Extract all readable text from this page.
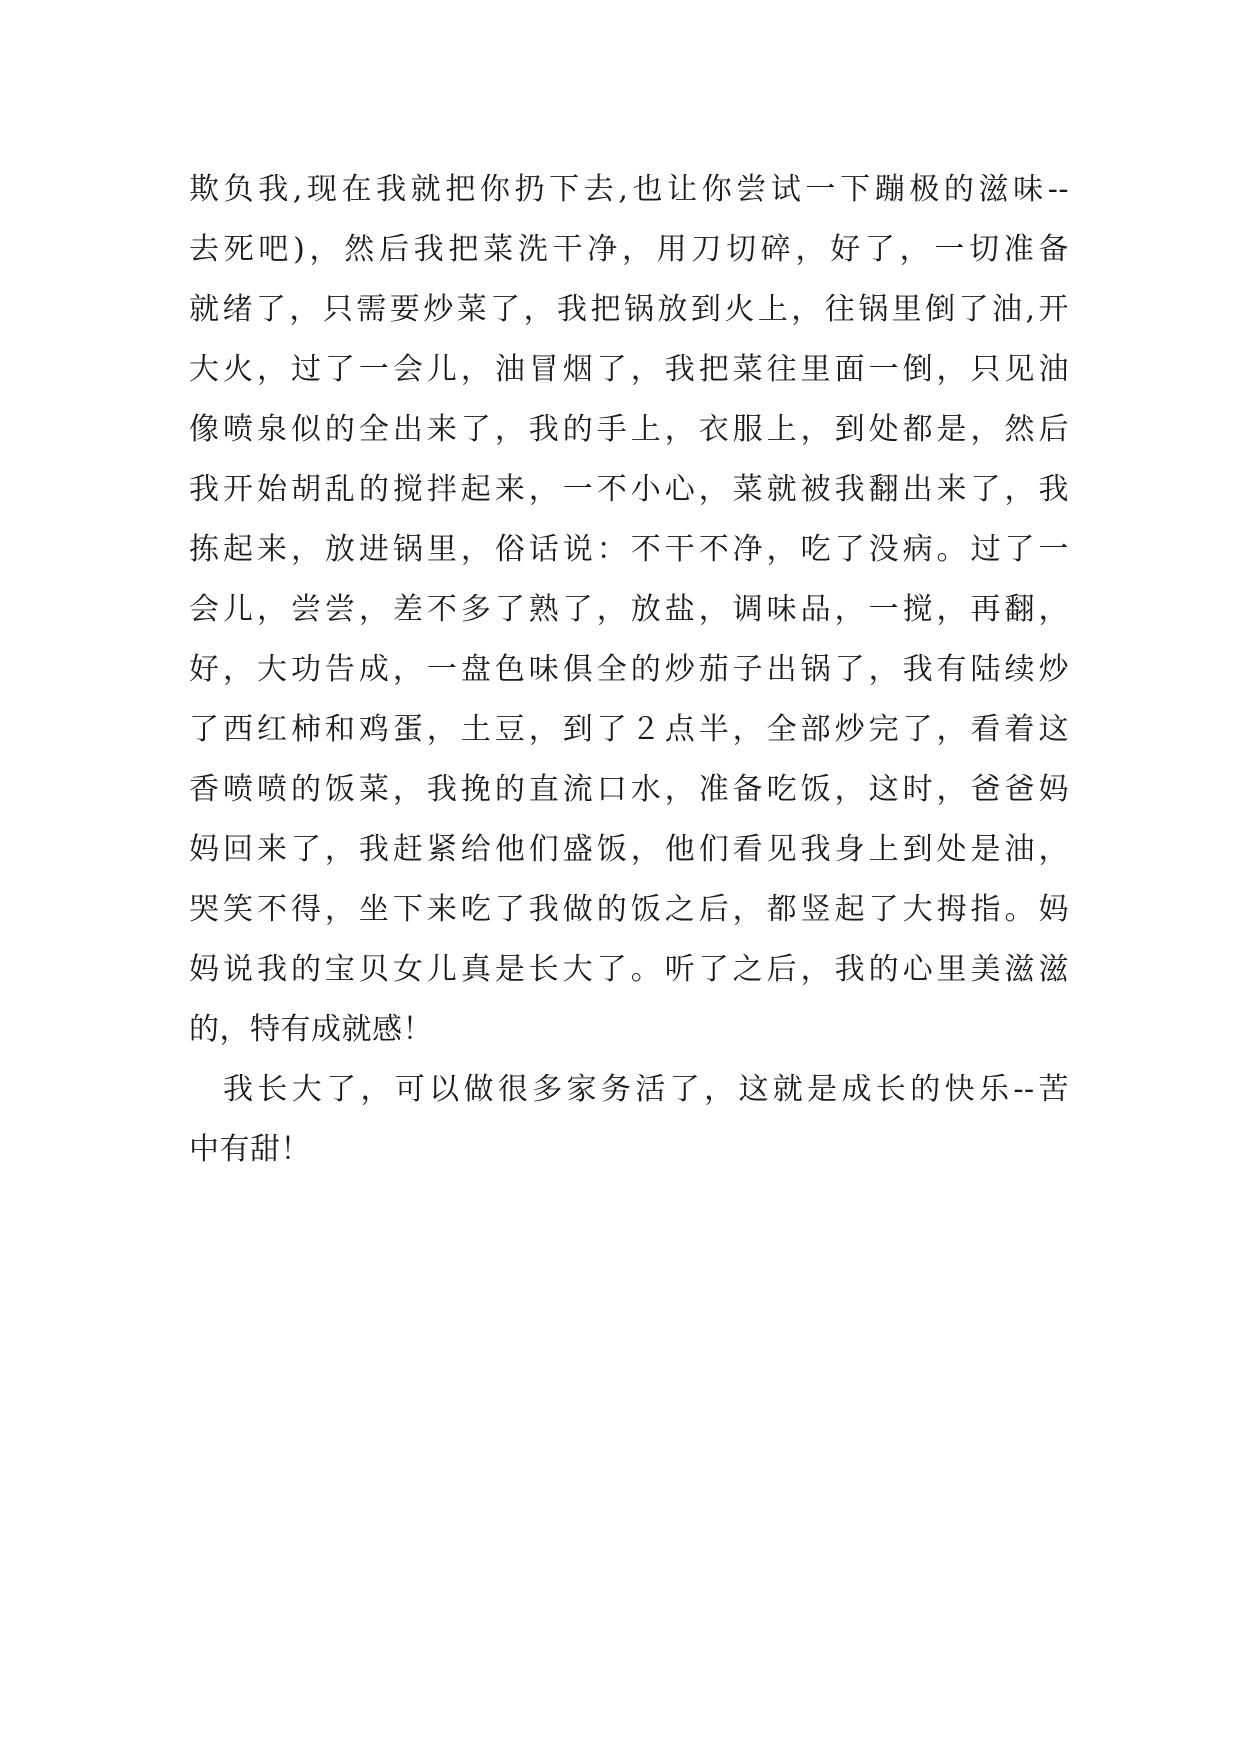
欺负我,现在我就把你扔下去,也让你尝试一下蹦极的滋味--
去死吧)，然后我把菜洗干净，用刀切碎，好了，一切准备
就绪了，只需要炒菜了，我把锅放到火上，往锅里倒了油,开
大火，过了一会儿，油冒烟了，我把菜往里面一倒，只见油
像喷泉似的全出来了，我的手上，衣服上，到处都是，然后
我开始胡乱的搅拌起来，一不小心，菜就被我翻出来了，我
拣起来，放进锅里，俗话说：不干不净，吃了没病。过了一
会儿，尝尝，差不多了熟了，放盐，调味品，一搅，再翻，
好，大功告成，一盘色味俱全的炒茄子出锅了，我有陆续炒
了西红柿和鸡蛋，土豆，到了２点半，全部炒完了，看着这
香喷喷的饭菜，我挽的直流口水，准备吃饭，这时，爸爸妈
妈回来了，我赶紧给他们盛饭，他们看见我身上到处是油，
哭笑不得，坐下来吃了我做的饭之后，都竖起了大拇指。妈
妈说我的宝贝女儿真是长大了。听了之后，我的心里美滋滋
的，特有成就感！
我长大了，可以做很多家务活了，这就是成长的快乐--苦
中有甜！
